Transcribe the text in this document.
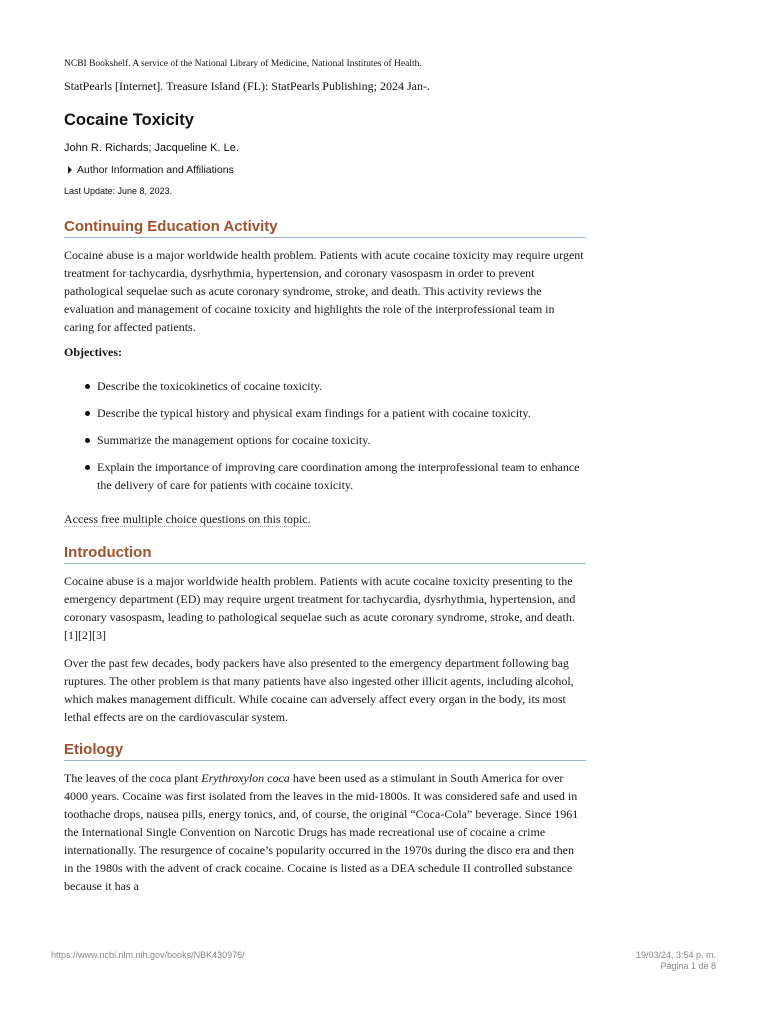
NCBI Bookshelf. A service of the National Library of Medicine, National Institutes of Health.
StatPearls [Internet]. Treasure Island (FL): StatPearls Publishing; 2024 Jan-.
Cocaine Toxicity
John R. Richards; Jacqueline K. Le.
Author Information and Affiliations
Last Update: June 8, 2023.
Continuing Education Activity

Cocaine abuse is a major worldwide health problem. Patients with acute cocaine toxicity may require urgent treatment for tachycardia, dysrhythmia, hypertension, and coronary vasospasm in order to prevent pathological sequelae such as acute coronary syndrome, stroke, and death. This activity reviews the evaluation and management of cocaine toxicity and highlights the role of the interprofessional team in caring for affected patients.

Objectives:

Describe the toxicokinetics of cocaine toxicity.
Describe the typical history and physical exam findings for a patient with cocaine toxicity.
Summarize the management options for cocaine toxicity.
Explain the importance of improving care coordination among the interprofessional team to enhance the delivery of care for patients with cocaine toxicity.

Access free multiple choice questions on this topic.

Introduction

Cocaine abuse is a major worldwide health problem. Patients with acute cocaine toxicity presenting to the emergency department (ED) may require urgent treatment for tachycardia, dysrhythmia, hypertension, and coronary vasospasm, leading to pathological sequelae such as acute coronary syndrome, stroke, and death.[1][2][3]

Over the past few decades, body packers have also presented to the emergency department following bag ruptures. The other problem is that many patients have also ingested other illicit agents, including alcohol, which makes management difficult. While cocaine can adversely affect every organ in the body, its most lethal effects are on the cardiovascular system.

Etiology

The leaves of the coca plant Erythroxylon coca have been used as a stimulant in South America for over 4000 years. Cocaine was first isolated from the leaves in the mid-1800s. It was considered safe and used in toothache drops, nausea pills, energy tonics, and, of course, the original “Coca-Cola” beverage. Since 1961 the International Single Convention on Narcotic Drugs has made recreational use of cocaine a crime internationally. The resurgence of cocaine’s popularity occurred in the 1970s during the disco era and then in the 1980s with the advent of crack cocaine. Cocaine is listed as a DEA schedule II controlled substance because it has a

https://www.ncbi.nlm.nih.gov/books/NBK430976/	19/03/24, 3:54 p. m.
Página 1 de 8
